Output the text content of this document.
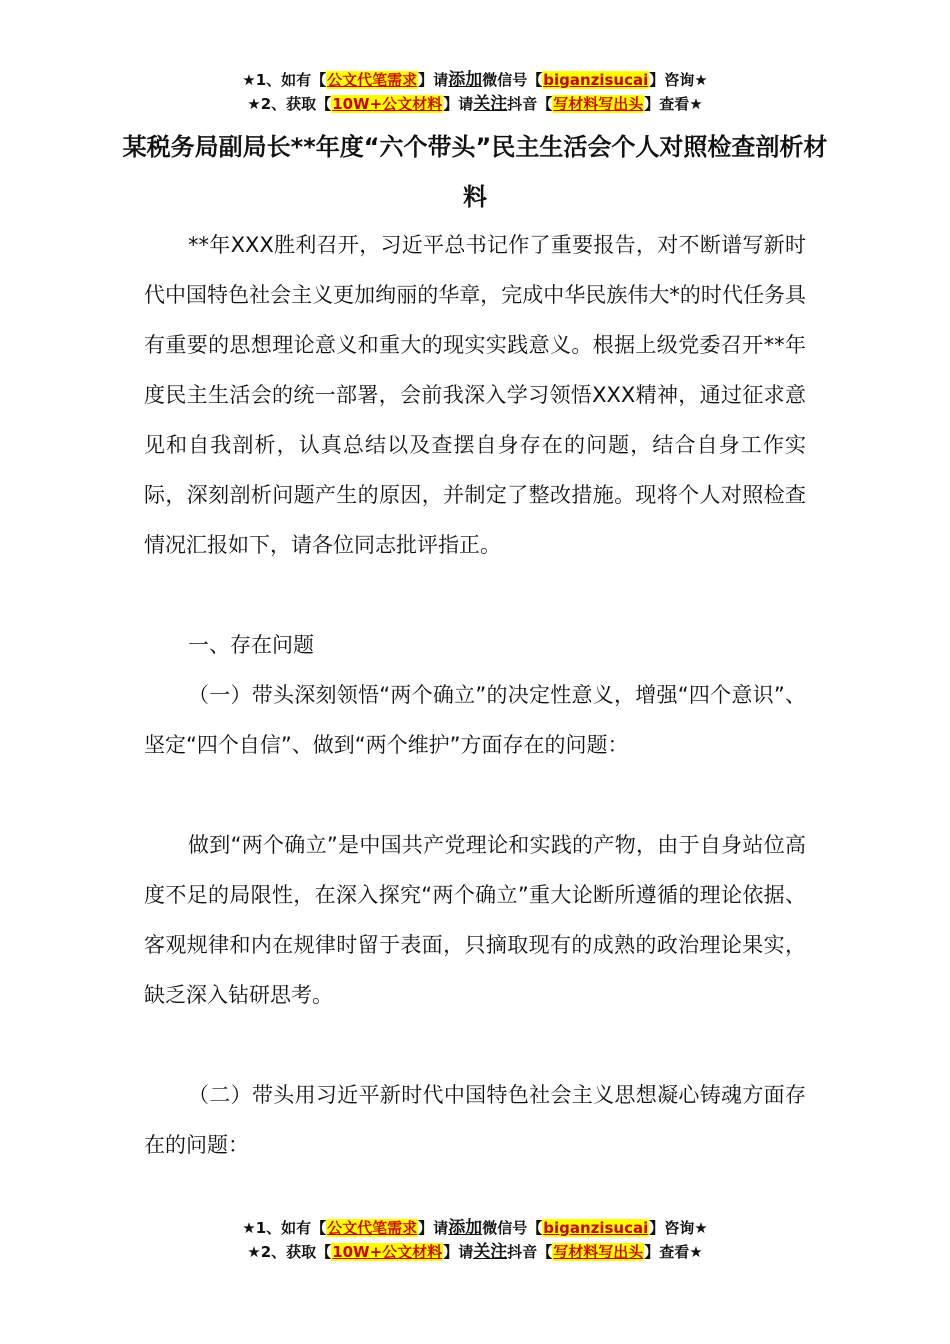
★1、如有【公文代笔需求】请添加微信号【biganzisucai】咨询★
★2、获取【10W+公文材料】请关注抖音【写材料写出头】查看★
某税务局副局长**年度“六个带头”民主生活会个人对照检查剖析材料

**年XXX胜利召开，习近平总书记作了重要报告，对不断谱写新时代中国特色社会主义更加绚丽的华章，完成中华民族伟大*的时代任务具有重要的思想理论意义和重大的现实实践意义。根据上级党委召开**年度民主生活会的统一部署，会前我深入学习领悟XXX精神，通过征求意见和自我剖析，认真总结以及查摆自身存在的问题，结合自身工作实际，深刻剖析问题产生的原因，并制定了整改措施。现将个人对照检查情况汇报如下，请各位同志批评指正。

一、存在问题

（一）带头深刻领悟“两个确立”的决定性意义，增强“四个意识”、坚定“四个自信”、做到“两个维护”方面存在的问题：

做到“两个确立”是中国共产党理论和实践的产物，由于自身站位高度不足的局限性，在深入探究“两个确立”重大论断所遵循的理论依据、客观规律和内在规律时留于表面，只摘取现有的成熟的政治理论果实，缺乏深入钻研思考。

（二）带头用习近平新时代中国特色社会主义思想凝心铸魂方面存在的问题：

★1、如有【公文代笔需求】请添加微信号【biganzisucai】咨询★
★2、获取【10W+公文材料】请关注抖音【写材料写出头】查看★
